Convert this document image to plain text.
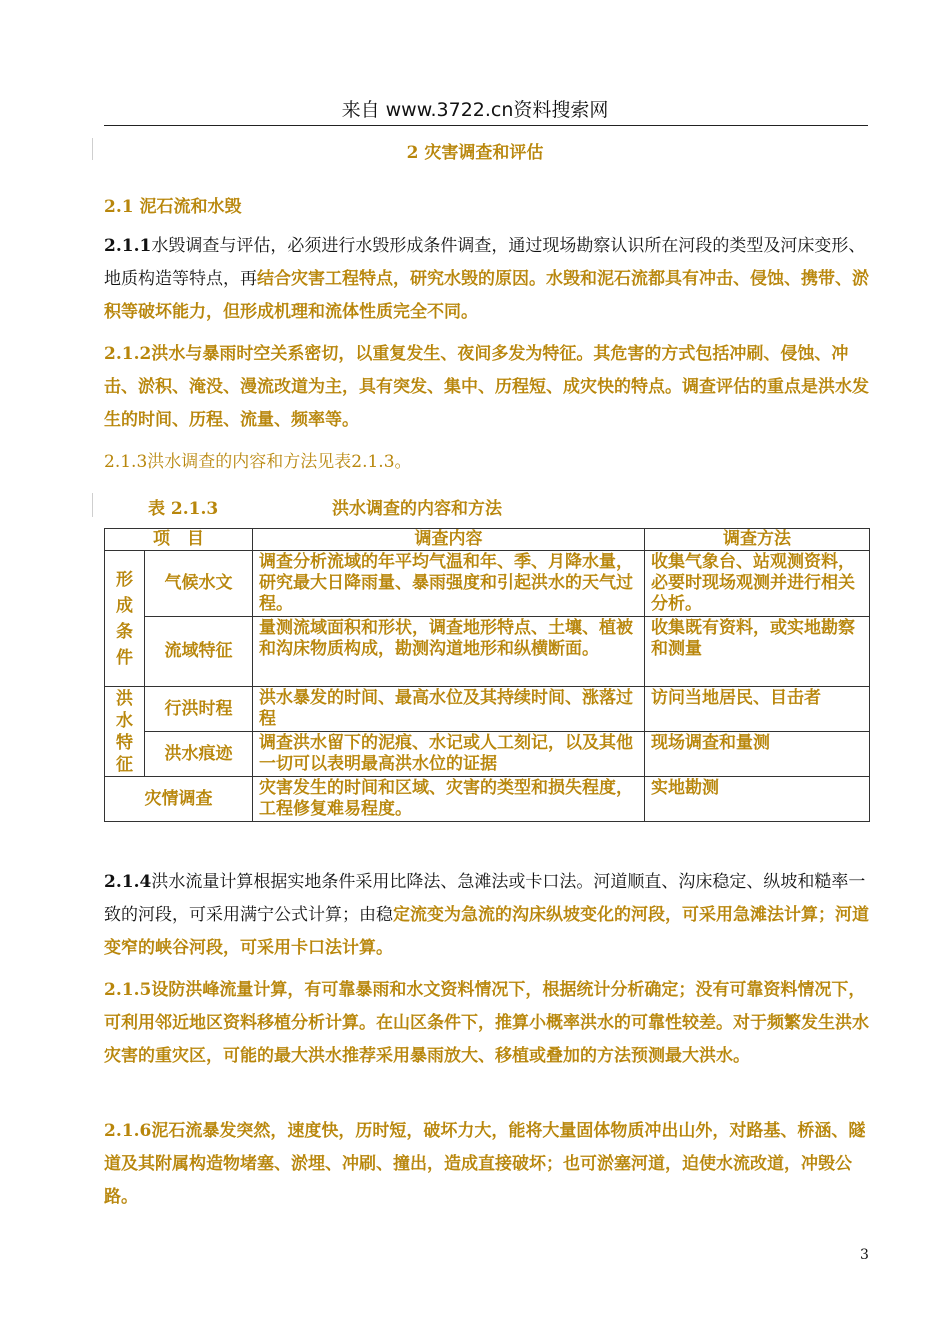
来自 www.3722.cn资料搜索网
2 灾害调查和评估
2.1 泥石流和水毁
2.1.1水毁调查与评估，必须进行水毁形成条件调查，通过现场勘察认识所在河段的类型及河床变形、地质构造等特点，再结合灾害工程特点，研究水毁的原因。水毁和泥石流都具有冲击、侵蚀、携带、淤积等破坏能力，但形成机理和流体性质完全不同。
2.1.2洪水与暴雨时空关系密切，以重复发生、夜间多发为特征。其危害的方式包括冲刷、侵蚀、冲击、淤积、淹没、漫流改道为主，具有突发、集中、历程短、成灾快的特点。调查评估的重点是洪水发生的时间、历程、流量、频率等。
2.1.3洪水调查的内容和方法见表2.1.3。
表 2.1.3	洪水调查的内容和方法
项　目		调查内容	调查方法

形成条件	气候水文	调查分析流域的年平均气温和年、季、月降水量，研究最大日降雨量、暴雨强度和引起洪水的天气过程。	收集气象台、站观测资料，必要时现场观测并进行相关分析。
	流域特征	量测流域面积和形状，调查地形特点、土壤、植被和沟床物质构成，勘测沟道地形和纵横断面。	收集既有资料，或实地勘察和测量

洪水特征	行洪时程	洪水暴发的时间、最高水位及其持续时间、涨落过程	访问当地居民、目击者
	洪水痕迹	调查洪水留下的泥痕、水记或人工刻记，以及其他一切可以表明最高洪水位的证据	现场调查和量测
灾情调查		灾害发生的时间和区域、灾害的类型和损失程度，工程修复难易程度。	实地勘测
2.1.4洪水流量计算根据实地条件采用比降法、急滩法或卡口法。河道顺直、沟床稳定、纵坡和糙率一致的河段，可采用满宁公式计算；由稳定流变为急流的沟床纵坡变化的河段，可采用急滩法计算；河道变窄的峡谷河段，可采用卡口法计算。
2.1.5设防洪峰流量计算，有可靠暴雨和水文资料情况下，根据统计分析确定；没有可靠资料情况下，可利用邻近地区资料移植分析计算。在山区条件下，推算小概率洪水的可靠性较差。对于频繁发生洪水灾害的重灾区，可能的最大洪水推荐采用暴雨放大、移植或叠加的方法预测最大洪水。
2.1.6泥石流暴发突然，速度快，历时短，破坏力大，能将大量固体物质冲出山外，对路基、桥涵、隧道及其附属构造物堵塞、淤埋、冲刷、撞出，造成直接破坏；也可淤塞河道，迫使水流改道，冲毁公路。
3
